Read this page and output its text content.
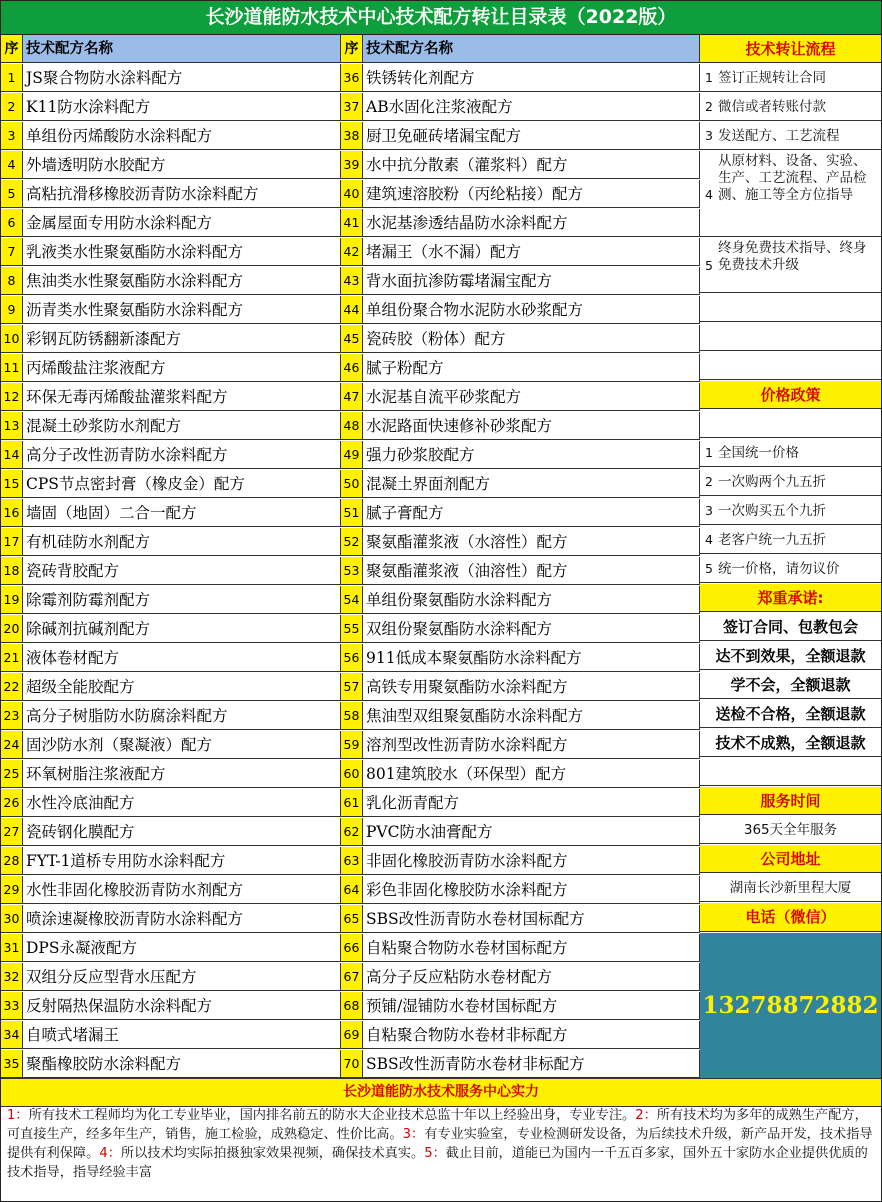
长沙道能防水技术中心技术配方转让目录表（2022版）
13278872882
长沙道能防水技术服务中心实力
1：所有技术工程师均为化工专业毕业，国内排名前五的防水大企业技术总监十年以上经验出身，专业专注。2：所有技术均为多年的成熟生产配方，可直接生产，经多年生产，销售，施工检验，成熟稳定、性价比高。3：有专业实验室，专业检测研发设备，为后续技术升级，新产品开发，技术指导提供有利保障。4：所以技术均实际拍摄独家效果视频，确保技术真实。5：截止目前，道能已为国内一千五百多家，国外五十家防水企业提供优质的技术指导，指导经验丰富
序 技术配方名称	序 技术配方名称
1 JS聚合物防水涂料配方	36 铁锈转化剂配方
2 K11防水涂料配方	37 AB水固化注浆液配方
3 单组份丙烯酸防水涂料配方	38 厨卫免砸砖堵漏宝配方
4 外墙透明防水胶配方	39 水中抗分散素（灌浆料）配方
5 高粘抗滑移橡胶沥青防水涂料配方	40 建筑速溶胶粉（丙纶粘接）配方
6 金属屋面专用防水涂料配方	41 水泥基渗透结晶防水涂料配方
7 乳液类水性聚氨酯防水涂料配方	42 堵漏王（水不漏）配方
8 焦油类水性聚氨酯防水涂料配方	43 背水面抗渗防霉堵漏宝配方
9 沥青类水性聚氨酯防水涂料配方	44 单组份聚合物水泥防水砂浆配方
10 彩钢瓦防锈翻新漆配方	45 瓷砖胶（粉体）配方
11 丙烯酸盐注浆液配方	46 腻子粉配方
12 环保无毒丙烯酸盐灌浆料配方	47 水泥基自流平砂浆配方
13 混凝土砂浆防水剂配方	48 水泥路面快速修补砂浆配方
14 高分子改性沥青防水涂料配方	49 强力砂浆胶配方
15 CPS节点密封膏（橡皮金）配方	50 混凝土界面剂配方
16 墙固（地固）二合一配方	51 腻子膏配方
17 有机硅防水剂配方	52 聚氨酯灌浆液（水溶性）配方
18 瓷砖背胶配方	53 聚氨酯灌浆液（油溶性）配方
19 除霉剂防霉剂配方	54 单组份聚氨酯防水涂料配方
20 除碱剂抗碱剂配方	55 双组份聚氨酯防水涂料配方
21 液体卷材配方	56 911低成本聚氨酯防水涂料配方
22 超级全能胶配方	57 高铁专用聚氨酯防水涂料配方
23 高分子树脂防水防腐涂料配方	58 焦油型双组聚氨酯防水涂料配方
24 固沙防水剂（聚凝液）配方	59 溶剂型改性沥青防水涂料配方
25 环氧树脂注浆液配方	60 801建筑胶水（环保型）配方
26 水性冷底油配方	61 乳化沥青配方
27 瓷砖钢化膜配方	62 PVC防水油膏配方
28 FYT-1道桥专用防水涂料配方	63 非固化橡胶沥青防水涂料配方
29 水性非固化橡胶沥青防水剂配方	64 彩色非固化橡胶防水涂料配方
30 喷涂速凝橡胶沥青防水涂料配方	65 SBS改性沥青防水卷材国标配方
31 DPS永凝液配方	66 自粘聚合物防水卷材国标配方
32 双组分反应型背水压配方	67 高分子反应粘防水卷材配方
33 反射隔热保温防水涂料配方	68 预铺/湿铺防水卷材国标配方
34 自喷式堵漏王	69 自粘聚合物防水卷材非标配方
35 聚酯橡胶防水涂料配方	70 SBS改性沥青防水卷材非标配方
技术转让流程
1 签订正规转让合同
2 微信或者转账付款
3 发送配方、工艺流程
4
从原材料、设备、实验、生产、工艺流程、产品检测、施工等全方位指导
5
终身免费技术指导、终身免费技术升级
价格政策
1 全国统一价格
2 一次购两个九五折
3 一次购买五个九折
4 老客户统一九五折
5 统一价格，请勿议价
郑重承诺:
签订合同、包教包会
达不到效果，全额退款
学不会，全额退款
送检不合格，全额退款
技术不成熟，全额退款
服务时间
365天全年服务
公司地址
湖南长沙新里程大厦
电话（微信）
